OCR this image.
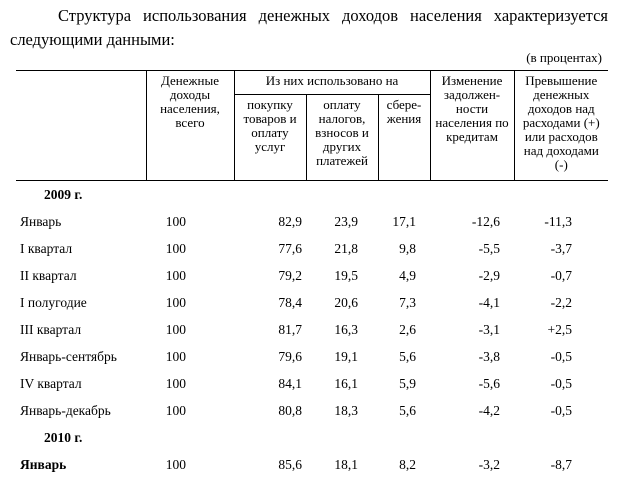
Структура использования денежных доходов населения характеризуется следующими данными:

(в процентах)
	Денежные доходы населения, всего	Из них использовано на			Изменение задолжен-ности населения по кредитам	Превышение денежных доходов над расходами (+) или расходов над доходами (-)
		покупку товаров и оплату услуг	оплату налогов, взносов и других платежей	сбере-жения		
2009 г.						
Январь	100	82,9	23,9	17,1	-12,6	-11,3
I квартал	100	77,6	21,8	9,8	-5,5	-3,7
II квартал	100	79,2	19,5	4,9	-2,9	-0,7
I полугодие	100	78,4	20,6	7,3	-4,1	-2,2
III квартал	100	81,7	16,3	2,6	-3,1	+2,5
Январь-сентябрь	100	79,6	19,1	5,6	-3,8	-0,5
IV квартал	100	84,1	16,1	5,9	-5,6	-0,5
Январь-декабрь	100	80,8	18,3	5,6	-4,2	-0,5
2010 г.						
Январь	100	85,6	18,1	8,2	-3,2	-8,7
